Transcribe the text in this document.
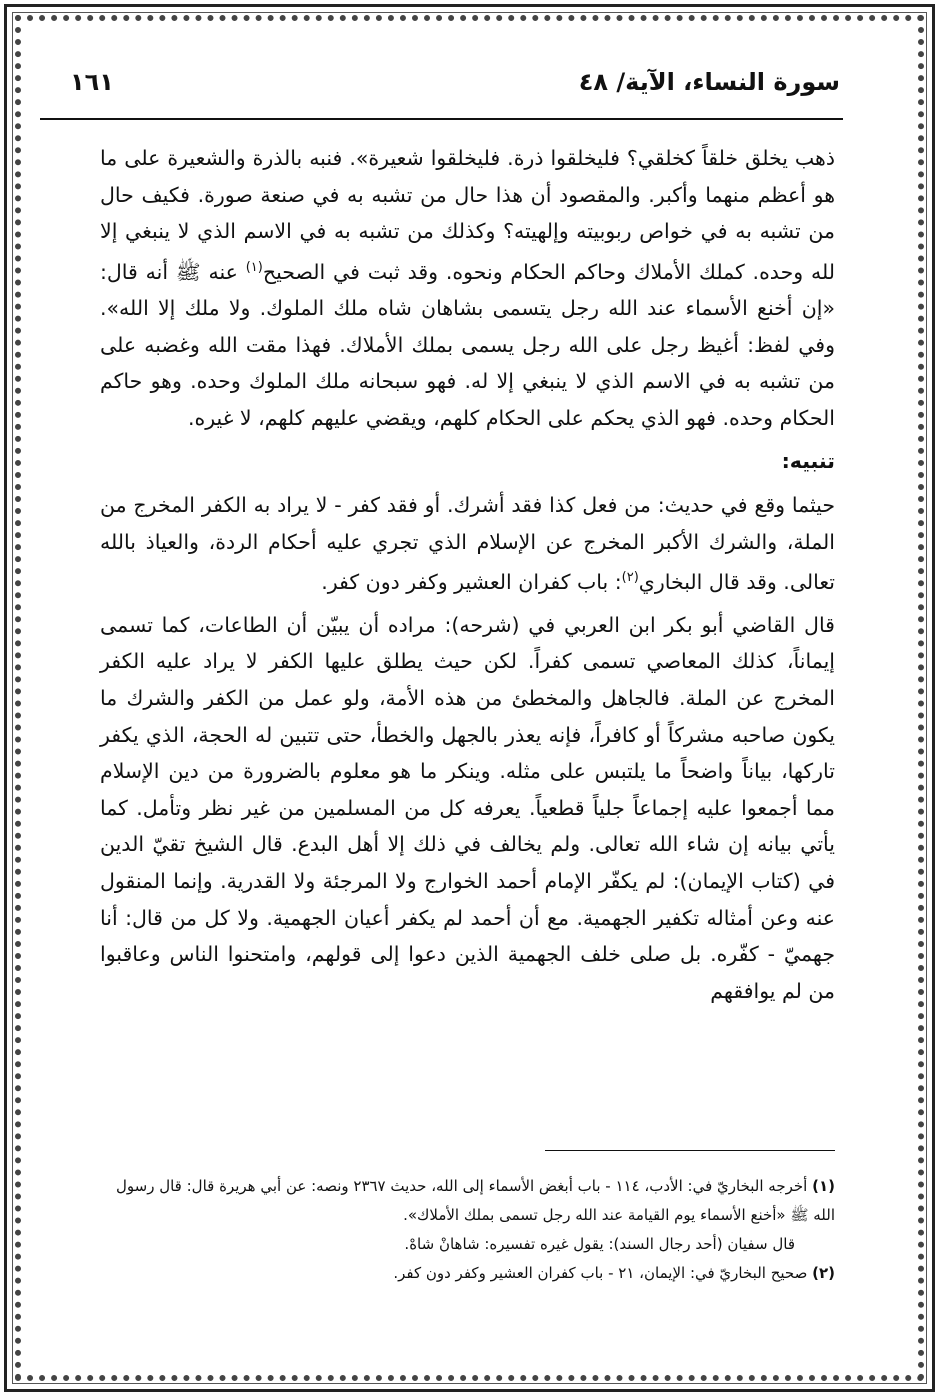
سورة النساء، الآية/ ٤٨
١٦١

ذهب يخلق خلقاً كخلقي؟ فليخلقوا ذرة. فليخلقوا شعيرة». فنبه بالذرة والشعيرة على ما هو أعظم منهما وأكبر. والمقصود أن هذا حال من تشبه به في صنعة صورة. فكيف حال من تشبه به في خواص ربوبيته وإلهيته؟ وكذلك من تشبه به في الاسم الذي لا ينبغي إلا لله وحده. كملك الأملاك وحاكم الحكام ونحوه. وقد ثبت في الصحيح$^{(١)}$ عنه ﷺ أنه قال: «إن أخنع الأسماء عند الله رجل يتسمى بشاهان شاه ملك الملوك. ولا ملك إلا الله». وفي لفظ: أغيظ رجل على الله رجل يسمى بملك الأملاك. فهذا مقت الله وغضبه على من تشبه به في الاسم الذي لا ينبغي إلا له. فهو سبحانه ملك الملوك وحده. وهو حاكم الحكام وحده. فهو الذي يحكم على الحكام كلهم، ويقضي عليهم كلهم، لا غيره.

تنبيه:

حيثما وقع في حديث: من فعل كذا فقد أشرك. أو فقد كفر - لا يراد به الكفر المخرج من الملة، والشرك الأكبر المخرج عن الإسلام الذي تجري عليه أحكام الردة، والعياذ بالله تعالى. وقد قال البخاري$^{(٢)}$: باب كفران العشير وكفر دون كفر.

قال القاضي أبو بكر ابن العربي في (شرحه): مراده أن يبيّن أن الطاعات، كما تسمى إيماناً، كذلك المعاصي تسمى كفراً. لكن حيث يطلق عليها الكفر لا يراد عليه الكفر المخرج عن الملة. فالجاهل والمخطئ من هذه الأمة، ولو عمل من الكفر والشرك ما يكون صاحبه مشركاً أو كافراً، فإنه يعذر بالجهل والخطأ، حتى تتبين له الحجة، الذي يكفر تاركها، بياناً واضحاً ما يلتبس على مثله. وينكر ما هو معلوم بالضرورة من دين الإسلام مما أجمعوا عليه إجماعاً جلياً قطعياً. يعرفه كل من المسلمين من غير نظر وتأمل. كما يأتي بيانه إن شاء الله تعالى. ولم يخالف في ذلك إلا أهل البدع. قال الشيخ تقيّ الدين في (كتاب الإيمان): لم يكفّر الإمام أحمد الخوارج ولا المرجئة ولا القدرية. وإنما المنقول عنه وعن أمثاله تكفير الجهمية. مع أن أحمد لم يكفر أعيان الجهمية. ولا كل من قال: أنا جهميّ - كفّره. بل صلى خلف الجهمية الذين دعوا إلى قولهم، وامتحنوا الناس وعاقبوا من لم يوافقهم

(١) أخرجه البخاريّ في: الأدب، ١١٤ - باب أبغض الأسماء إلى الله، حديث ٢٣٦٧ ونصه: عن أبي هريرة قال: قال رسول الله ﷺ «أخنع الأسماء يوم القيامة عند الله رجل تسمى بملك الأملاك».

قال سفيان (أحد رجال السند): يقول غيره تفسيره: شاهانْ شاهْ.

(٢) صحيح البخاريّ في: الإيمان، ٢١ - باب كفران العشير وكفر دون كفر.
